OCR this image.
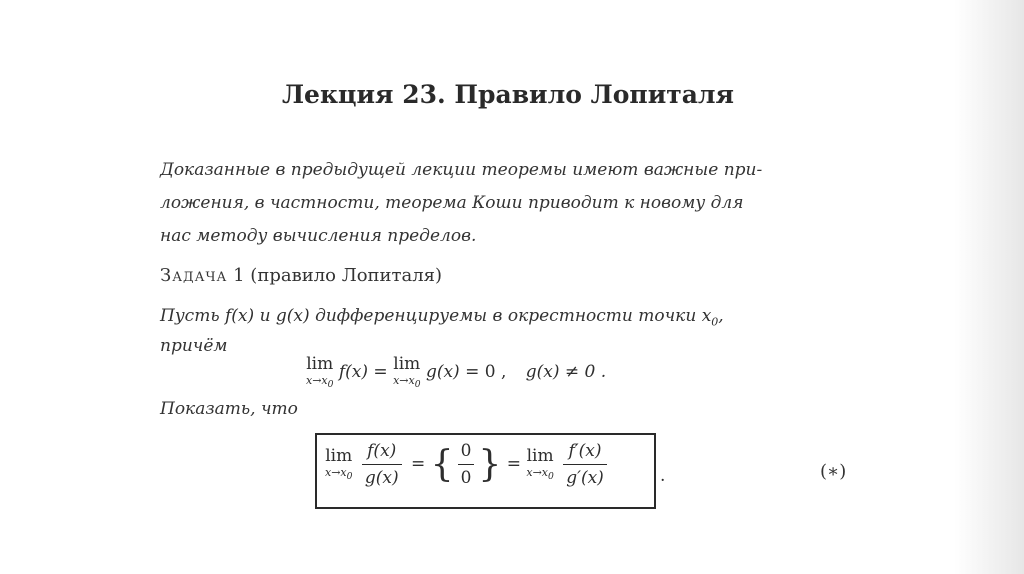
Лекция 23. Правило Лопиталя
Доказанные в предыдущей лекции теоремы имеют важные при-
ложения, в частности, теорема Коши приводит к новому для
нас методу вычисления пределов.
Задача 1 (правило Лопиталя)
Пусть f(x) и g(x) дифференцируемы в окрестности точки $x_0$,
причём
lim
$x\to x_0$
f(x) = lim
$x\to x_0$
g(x) = 0 , g(x) ≠ 0 .
Показать, что
lim
$x\to x_0$
$\frac{f(x)}{g(x)}$ = { $\frac{0}{0}$ } = lim
$x\to x_0$
$\frac{f'(x)}{g'(x)}$	.	(∗)
